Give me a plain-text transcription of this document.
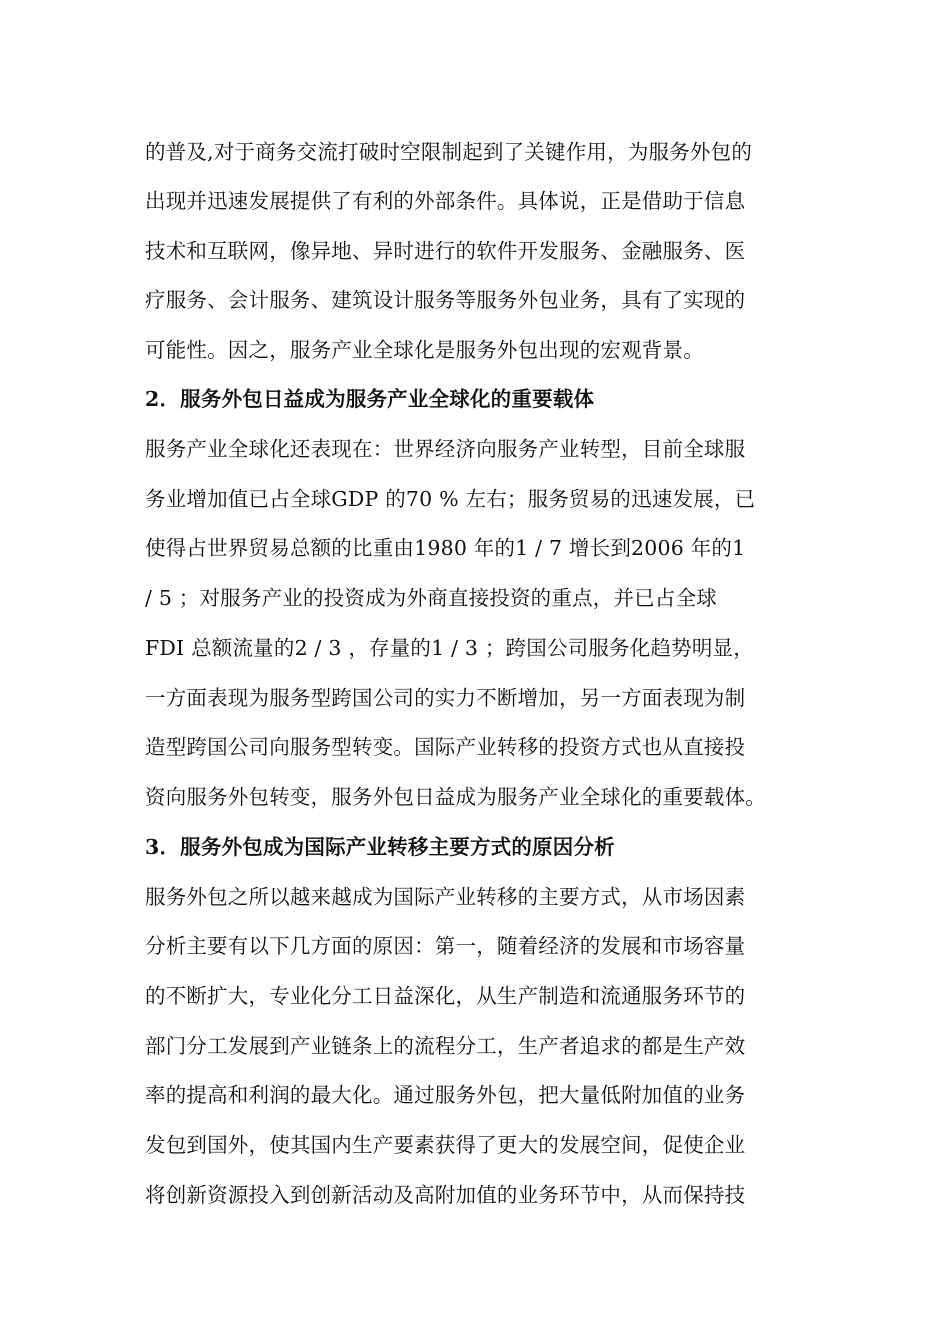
的普及,对于商务交流打破时空限制起到了关键作用，为服务外包的
出现并迅速发展提供了有利的外部条件。具体说，正是借助于信息
技术和互联网，像异地、异时进行的软件开发服务、金融服务、医
疗服务、会计服务、建筑设计服务等服务外包业务，具有了实现的
可能性。因之，服务产业全球化是服务外包出现的宏观背景。
2．服务外包日益成为服务产业全球化的重要载体
服务产业全球化还表现在：世界经济向服务产业转型，目前全球服
务业增加值已占全球GDP 的70 % 左右；服务贸易的迅速发展，已
使得占世界贸易总额的比重由1980 年的1 / 7 增长到2006 年的1
/ 5 ；对服务产业的投资成为外商直接投资的重点，并已占全球
FDI 总额流量的2 / 3 ，存量的1 / 3 ；跨国公司服务化趋势明显，
一方面表现为服务型跨国公司的实力不断增加，另一方面表现为制
造型跨国公司向服务型转变。国际产业转移的投资方式也从直接投
资向服务外包转变，服务外包日益成为服务产业全球化的重要载体。
3．服务外包成为国际产业转移主要方式的原因分析
服务外包之所以越来越成为国际产业转移的主要方式，从市场因素
分析主要有以下几方面的原因：第一，随着经济的发展和市场容量
的不断扩大，专业化分工日益深化，从生产制造和流通服务环节的
部门分工发展到产业链条上的流程分工，生产者追求的都是生产效
率的提高和利润的最大化。通过服务外包，把大量低附加值的业务
发包到国外，使其国内生产要素获得了更大的发展空间，促使企业
将创新资源投入到创新活动及高附加值的业务环节中，从而保持技
